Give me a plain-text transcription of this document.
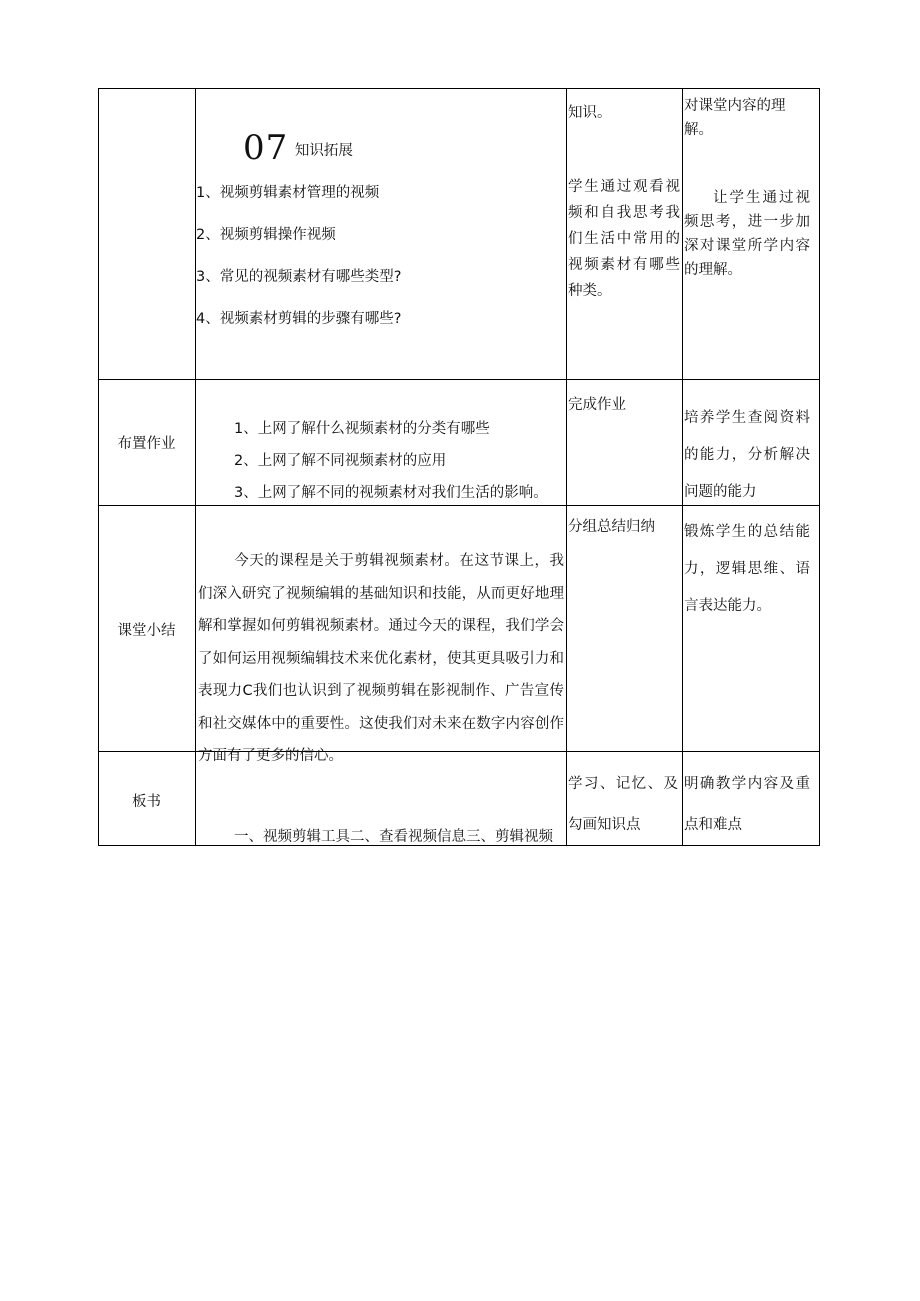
07 知识拓展
1、视频剪辑素材管理的视频
2、视频剪辑操作视频
3、常见的视频素材有哪些类型?
4、视频素材剪辑的步骤有哪些?
知识。
学生通过观看视频和自我思考我们生活中常用的视频素材有哪些种类。
对课堂内容的理解。
让学生通过视频思考，进一步加深对课堂所学内容的理解。
布置作业
1、上网了解什么视频素材的分类有哪些
2、上网了解不同视频素材的应用
3、上网了解不同的视频素材对我们生活的影响。
完成作业
培养学生查阅资料的能力，分析解决问题的能力
课堂小结
今天的课程是关于剪辑视频素材。在这节课上，我们深入研究了视频编辑的基础知识和技能，从而更好地理解和掌握如何剪辑视频素材。通过今天的课程，我们学会了如何运用视频编辑技术来优化素材，使其更具吸引力和表现力C我们也认识到了视频剪辑在影视制作、广告宣传和社交媒体中的重要性。这使我们对未来在数字内容创作方面有了更多的信心。
分组总结归纳 锻炼学生的总结能力，逻辑思维、语言表达能力。
板书
一、视频剪辑工具二、查看视频信息三、剪辑视频
学习、记忆、及勾画知识点
明确教学内容及重点和难点
